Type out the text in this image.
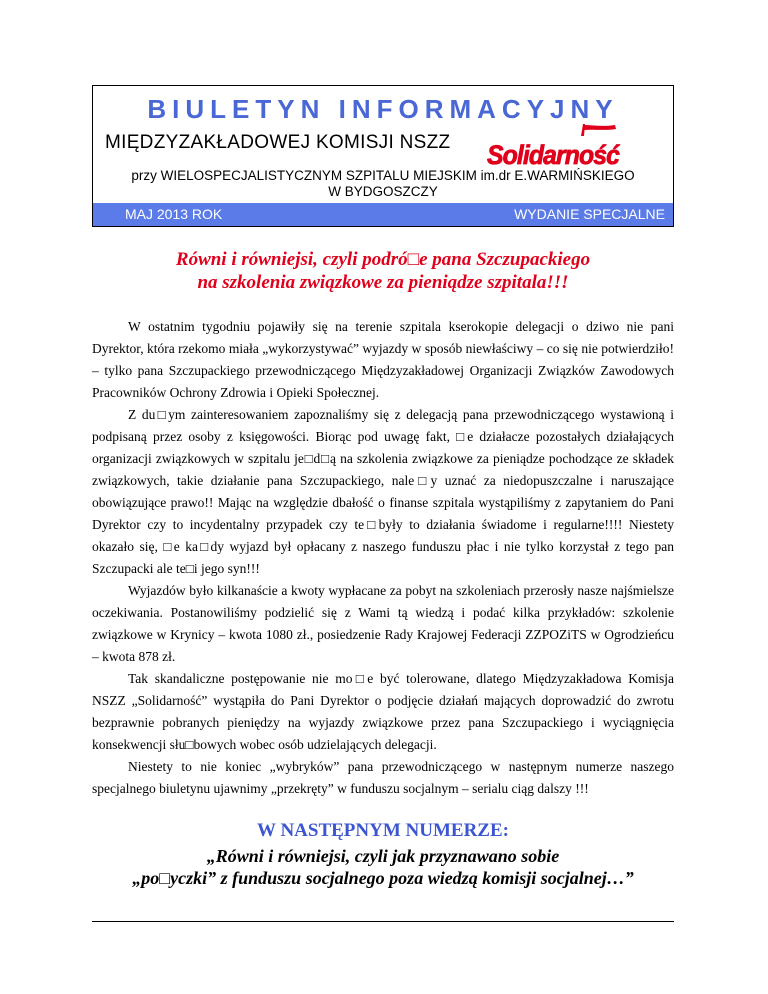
BIULETYN INFORMACYJNY
MIĘDZYZAKŁADOWEJ KOMISJI NSZZ Solidarność
przy WIELOSPECJALISTYCZNYM SZPITALU MIEJSKIM im.dr E.WARMIŃSKIEGO
W BYDGOSZCZY
MAJ 2013 ROK	WYDANIE SPECJALNE
Równi i równiejsi, czyli podró□e pana Szczupackiego
na szkolenia związkowe za pieniądze szpitala!!!

W ostatnim tygodniu pojawiły się na terenie szpitala kserokopie delegacji o dziwo nie pani Dyrektor, która rzekomo miała „wykorzystywać” wyjazdy w sposób niewłaściwy – co się nie potwierdziło! – tylko pana Szczupackiego przewodniczącego Międzyzakładowej Organizacji Związków Zawodowych Pracowników Ochrony Zdrowia i Opieki Społecznej.

Z du□ym zainteresowaniem zapoznaliśmy się z delegacją pana przewodniczącego wystawioną i podpisaną przez osoby z księgowości. Biorąc pod uwagę fakt, □e działacze pozostałych działających organizacji związkowych w szpitalu je□d□ą na szkolenia związkowe za pieniądze pochodzące ze składek związkowych, takie działanie pana Szczupackiego, nale□y uznać za niedopuszczalne i naruszające obowiązujące prawo!! Mając na względzie dbałość o finanse szpitala wystąpiliśmy z zapytaniem do Pani Dyrektor czy to incydentalny przypadek czy te□były to działania świadome i regularne!!!! Niestety okazało się, □e ka□dy wyjazd był opłacany z naszego funduszu płac i nie tylko korzystał z tego pan Szczupacki ale te□i jego syn!!!

Wyjazdów było kilkanaście a kwoty wypłacane za pobyt na szkoleniach przerosły nasze najśmielsze oczekiwania. Postanowiliśmy podzielić się z Wami tą wiedzą i podać kilka przykładów: szkolenie związkowe w Krynicy – kwota 1080 zł., posiedzenie Rady Krajowej Federacji ZZPOZiTS w Ogrodzieńcu – kwota 878 zł.

Tak skandaliczne postępowanie nie mo□e być tolerowane, dlatego Międzyzakładowa Komisja NSZZ „Solidarność” wystąpiła do Pani Dyrektor o podjęcie działań mających doprowadzić do zwrotu bezprawnie pobranych pieniędzy na wyjazdy związkowe przez pana Szczupackiego i wyciągnięcia konsekwencji słu□bowych wobec osób udzielających delegacji.

Niestety to nie koniec „wybryków” pana przewodniczącego w następnym numerze naszego specjalnego biuletynu ujawnimy „przekręty” w funduszu socjalnym – serialu ciąg dalszy !!!

W NASTĘPNYM NUMERZE:
„Równi i równiejsi, czyli jak przyznawano sobie
„po□yczki” z funduszu socjalnego poza wiedzą komisji socjalnej…”
